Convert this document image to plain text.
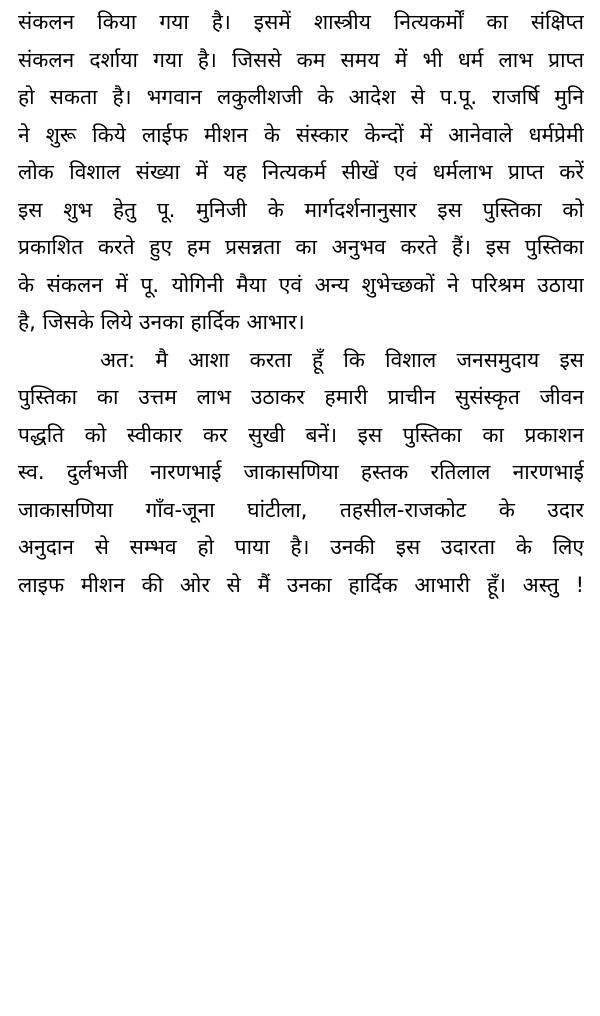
संकलन किया गया है। इसमें शास्त्रीय नित्यकर्मों का संक्षिप्त
संकलन दर्शाया गया है। जिससे कम समय में भी धर्म लाभ प्राप्त
हो सकता है। भगवान लकुलीशजी के आदेश से प.पू. राजर्षि मुनि
ने शुरू किये लाईफ मीशन के संस्कार केन्दों में आनेवाले धर्मप्रेमी
लोक विशाल संख्या में यह नित्यकर्म सीखें एवं धर्मलाभ प्राप्त करें
इस शुभ हेतु पू. मुनिजी के मार्गदर्शनानुसार इस पुस्तिका को
प्रकाशित करते हुए हम प्रसन्नता का अनुभव करते हैं। इस पुस्तिका
के संकलन में पू. योगिनी मैया एवं अन्य शुभेच्छकों ने परिश्रम उठाया
है, जिसके लिये उनका हार्दिक आभार।
अत: मै आशा करता हूँ कि विशाल जनसमुदाय इस
पुस्तिका का उत्तम लाभ उठाकर हमारी प्राचीन सुसंस्कृत जीवन
पद्धति को स्वीकार कर सुखी बनें। इस पुस्तिका का प्रकाशन
स्व. दुर्लभजी नारणभाई जाकासणिया हस्तक रतिलाल नारणभाई
जाकासणिया गाँव-जूना घांटीला, तहसील-राजकोट के उदार
अनुदान से सम्भव हो पाया है। उनकी इस उदारता के लिए
लाइफ मीशन की ओर से मैं उनका हार्दिक आभारी हूँ। अस्तु !
